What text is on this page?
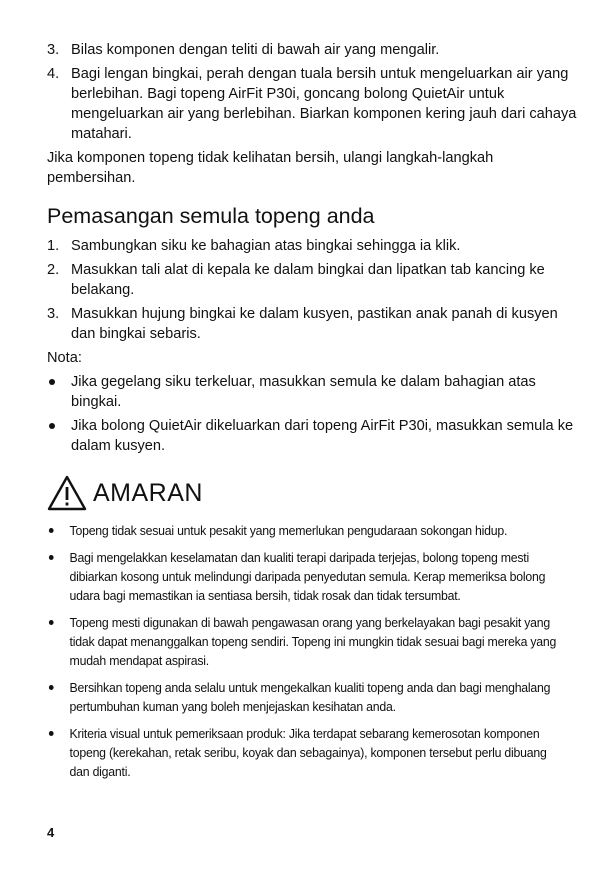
3. Bilas komponen dengan teliti di bawah air yang mengalir.
4. Bagi lengan bingkai, perah dengan tuala bersih untuk mengeluarkan air yang berlebihan. Bagi topeng AirFit P30i, goncang bolong QuietAir untuk mengeluarkan air yang berlebihan. Biarkan komponen kering jauh dari cahaya matahari.

Jika komponen topeng tidak kelihatan bersih, ulangi langkah-langkah pembersihan.

Pemasangan semula topeng anda
1. Sambungkan siku ke bahagian atas bingkai sehingga ia klik.
2. Masukkan tali alat di kepala ke dalam bingkai dan lipatkan tab kancing ke belakang.
3. Masukkan hujung bingkai ke dalam kusyen, pastikan anak panah di kusyen dan bingkai sebaris.

Nota:

Jika gegelang siku terkeluar, masukkan semula ke dalam bahagian atas bingkai.
Jika bolong QuietAir dikeluarkan dari topeng AirFit P30i, masukkan semula ke dalam kusyen.
AMARAN
Topeng tidak sesuai untuk pesakit yang memerlukan pengudaraan sokongan hidup.
Bagi mengelakkan keselamatan dan kualiti terapi daripada terjejas, bolong topeng mesti dibiarkan kosong untuk melindungi daripada penyedutan semula. Kerap memeriksa bolong udara bagi memastikan ia sentiasa bersih, tidak rosak dan tidak tersumbat.
Topeng mesti digunakan di bawah pengawasan orang yang berkelayakan bagi pesakit yang tidak dapat menanggalkan topeng sendiri. Topeng ini mungkin tidak sesuai bagi mereka yang mudah mendapat aspirasi.
Bersihkan topeng anda selalu untuk mengekalkan kualiti topeng anda dan bagi menghalang pertumbuhan kuman yang boleh menjejaskan kesihatan anda.
Kriteria visual untuk pemeriksaan produk: Jika terdapat sebarang kemerosotan komponen topeng (kerekahan, retak seribu, koyak dan sebagainya), komponen tersebut perlu dibuang dan diganti.
4
